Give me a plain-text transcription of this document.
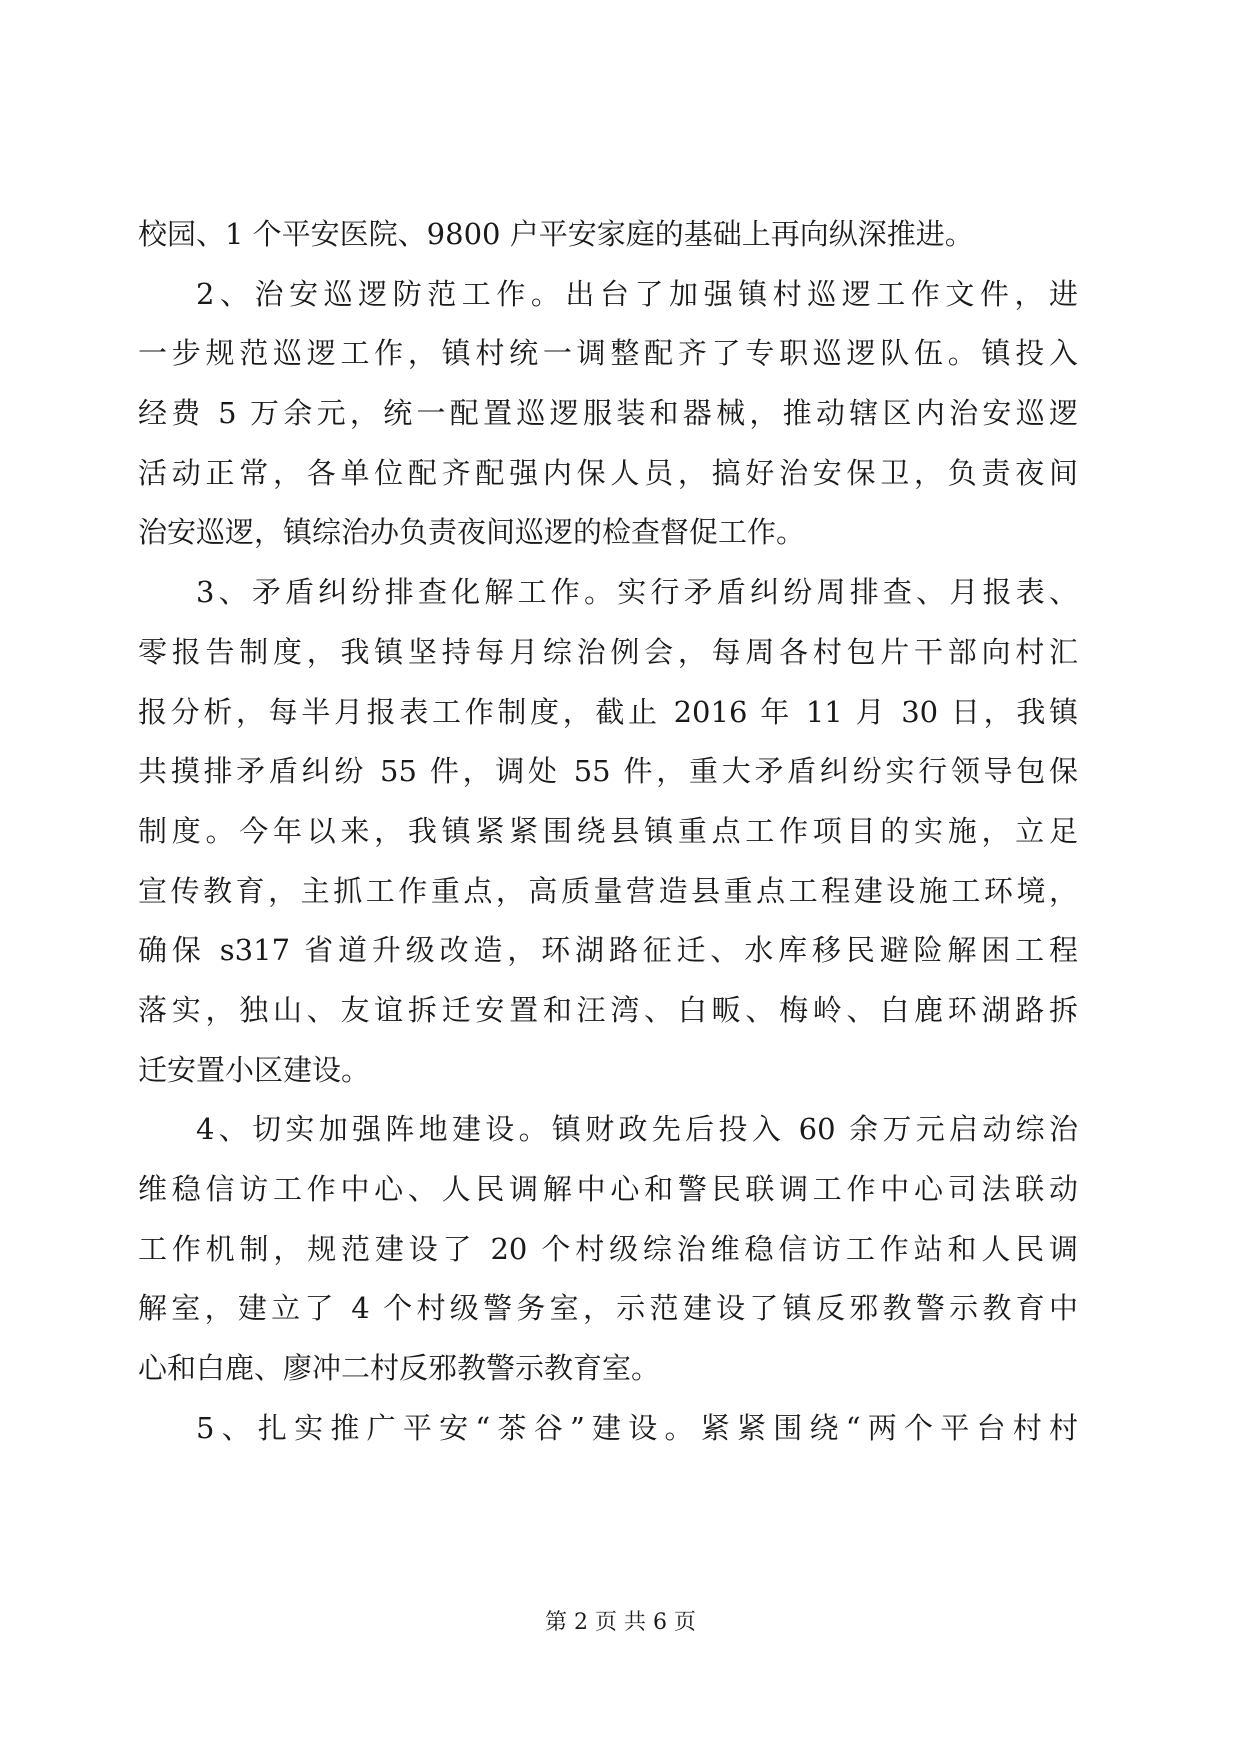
校园、1 个平安医院、9800 户平安家庭的基础上再向纵深推进。
2、治安巡逻防范工作。出台了加强镇村巡逻工作文件，进
一步规范巡逻工作，镇村统一调整配齐了专职巡逻队伍。镇投入
经费 5 万余元，统一配置巡逻服装和器械，推动辖区内治安巡逻
活动正常，各单位配齐配强内保人员，搞好治安保卫，负责夜间
治安巡逻，镇综治办负责夜间巡逻的检查督促工作。
3、矛盾纠纷排查化解工作。实行矛盾纠纷周排查、月报表、
零报告制度，我镇坚持每月综治例会，每周各村包片干部向村汇
报分析，每半月报表工作制度，截止 2016 年 11 月 30 日，我镇
共摸排矛盾纠纷 55 件，调处 55 件，重大矛盾纠纷实行领导包保
制度。今年以来，我镇紧紧围绕县镇重点工作项目的实施，立足
宣传教育，主抓工作重点，高质量营造县重点工程建设施工环境，
确保 s317 省道升级改造，环湖路征迁、水库移民避险解困工程
落实，独山、友谊拆迁安置和汪湾、白畈、梅岭、白鹿环湖路拆
迁安置小区建设。
4、切实加强阵地建设。镇财政先后投入 60 余万元启动综治
维稳信访工作中心、人民调解中心和警民联调工作中心司法联动
工作机制，规范建设了 20 个村级综治维稳信访工作站和人民调
解室，建立了 4 个村级警务室，示范建设了镇反邪教警示教育中
心和白鹿、廖冲二村反邪教警示教育室。
5、扎实推广平安“茶谷”建设。紧紧围绕“两个平台村村
第 2 页 共 6 页
